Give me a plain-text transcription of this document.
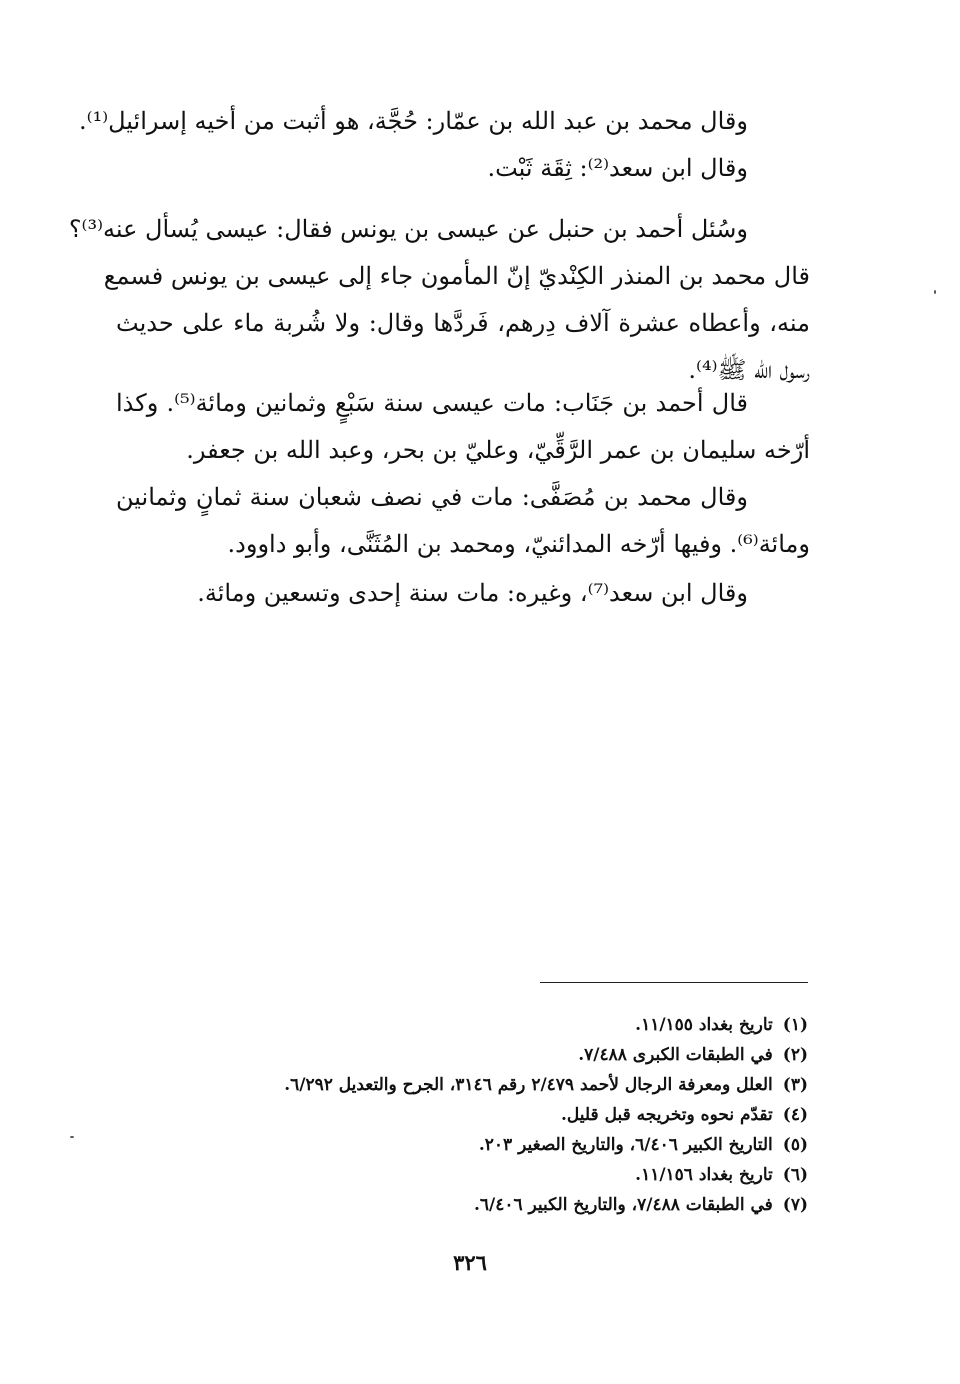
وقال محمد بن عبد الله بن عمّار: حُجَّة، هو أثبت من أخيه إسرائيل⁽¹⁾.
وقال ابن سعد⁽²⁾: ثِقَة ثَبْت.
وسُئل أحمد بن حنبل عن عيسى بن يونس فقال: عيسى يُسأل عنه⁽³⁾؟
قال محمد بن المنذر الكِنْديّ إنّ المأمون جاء إلى عيسى بن يونس فسمع
منه، وأعطاه عشرة آلاف دِرهم، فَردَّها وقال: ولا شُربة ماء على حديث
رسول الله ﷺ⁽⁴⁾.
قال أحمد بن جَنَاب: مات عيسى سنة سَبْعٍ وثمانين ومائة⁽⁵⁾. وكذا
أرّخه سليمان بن عمر الرَّقِّيّ، وعليّ بن بحر، وعبد الله بن جعفر.
وقال محمد بن مُصَفَّى: مات في نصف شعبان سنة ثمانٍ وثمانين
ومائة⁽⁶⁾. وفيها أرّخه المدائنيّ، ومحمد بن المُثَنَّى، وأبو داوود.
وقال ابن سعد⁽⁷⁾، وغيره: مات سنة إحدى وتسعين ومائة.
(١)تاريخ بغداد ١١/١٥٥.
(٢)في الطبقات الكبرى ٧/٤٨٨.
(٣)العلل ومعرفة الرجال لأحمد ٢/٤٧٩ رقم ٣١٤٦، الجرح والتعديل ٦/٢٩٢.
(٤)تقدّم نحوه وتخريجه قبل قليل.
(٥)التاريخ الكبير ٦/٤٠٦، والتاريخ الصغير ٢٠٣.
(٦)تاريخ بغداد ١١/١٥٦.
(٧)في الطبقات ٧/٤٨٨، والتاريخ الكبير ٦/٤٠٦.
٣٢٦
